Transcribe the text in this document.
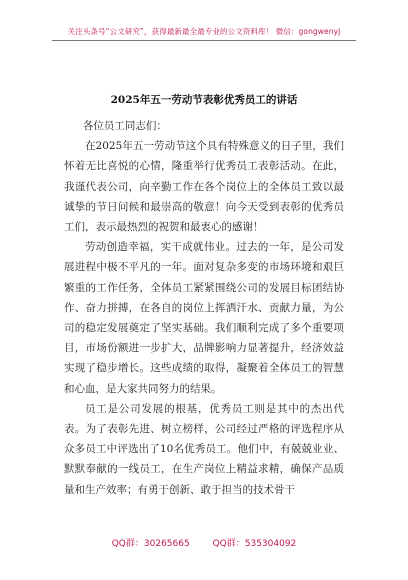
关注头条号“公文研究”，获得最新最全最专业的公文资料库！ 微信：gongwenyj
2025年五一劳动节表彰优秀员工的讲话

各位员工同志们：

在2025年五一劳动节这个具有特殊意义的日子里，我们怀着无比喜悦的心情，隆重举行优秀员工表彰活动。在此，我谨代表公司，向辛勤工作在各个岗位上的全体员工致以最诚挚的节日问候和最崇高的敬意！向今天受到表彰的优秀员工们，表示最热烈的祝贺和最衷心的感谢！

劳动创造幸福，实干成就伟业。过去的一年，是公司发展进程中极不平凡的一年。面对复杂多变的市场环境和艰巨繁重的工作任务，全体员工紧紧围绕公司的发展目标团结协作、奋力拼搏，在各自的岗位上挥洒汗水、贡献力量，为公司的稳定发展奠定了坚实基础。我们顺利完成了多个重要项目，市场份额进一步扩大，品牌影响力显著提升，经济效益实现了稳步增长。这些成绩的取得，凝聚着全体员工的智慧和心血，是大家共同努力的结果。

员工是公司发展的根基，优秀员工则是其中的杰出代表。为了表彰先进、树立榜样，公司经过严格的评选程序从众多员工中评选出了10名优秀员工。他们中，有兢兢业业、默默奉献的一线员工，在生产岗位上精益求精，确保产品质量和生产效率；有勇于创新、敢于担当的技术骨干

QQ群：30265665	QQ群：535304092
